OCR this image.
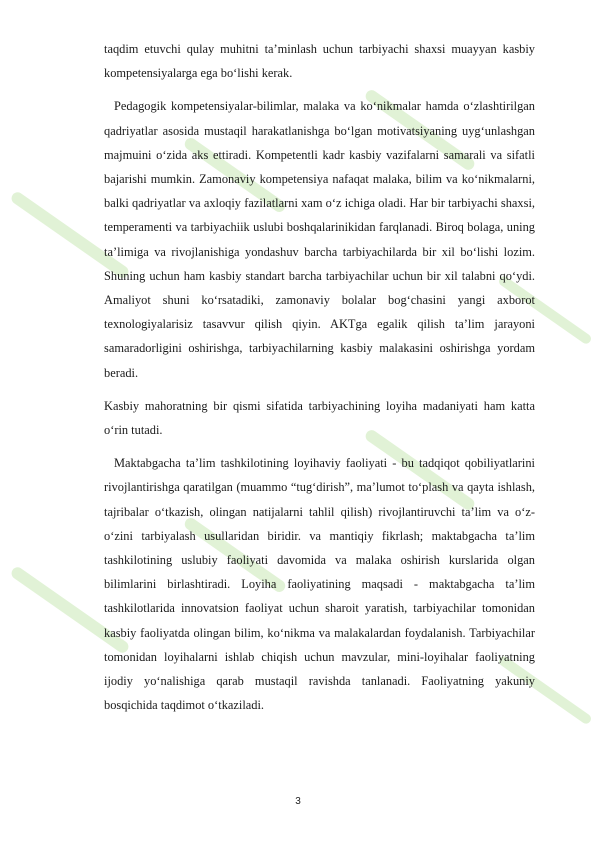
taqdim etuvchi qulay muhitni ta’minlash uchun tarbiyachi shaxsi muayyan kasbiy kompetensiyalarga ega bo‘lishi kerak.

Pedagogik kompetensiyalar-bilimlar, malaka va ko‘nikmalar hamda o‘zlashtirilgan qadriyatlar asosida mustaqil harakatlanishga bo‘lgan motivatsiyaning uyg‘unlashgan majmuini o‘zida aks ettiradi. Kompetentli kadr kasbiy vazifalarni samarali va sifatli bajarishi mumkin. Zamonaviy kompetensiya nafaqat malaka, bilim va ko‘nikmalarni, balki qadriyatlar va axloqiy fazilatlarni xam o‘z ichiga oladi. Har bir tarbiyachi shaxsi, temperamenti va tarbiyachiik uslubi boshqalarinikidan farqlanadi. Biroq bolaga, uning ta’limiga va rivojlanishiga yondashuv barcha tarbiyachilarda bir xil bo‘lishi lozim. Shuning uchun ham kasbiy standart barcha tarbiyachilar uchun bir xil talabni qo‘ydi. Amaliyot shuni ko‘rsatadiki, zamonaviy bolalar bog‘chasini yangi axborot texnologiyalarisiz tasavvur qilish qiyin. AKTga egalik qilish ta’lim jarayoni samaradorligini oshirishga, tarbiyachilarning kasbiy malakasini oshirishga yordam beradi.

Kasbiy mahoratning bir qismi sifatida tarbiyachining loyiha madaniyati ham katta o‘rin tutadi.

Maktabgacha ta’lim tashkilotining loyihaviy faoliyati - bu tadqiqot qobiliyatlarini rivojlantirishga qaratilgan (muammo “tug‘dirish”, ma’lumot to‘plash va qayta ishlash, tajribalar o‘tkazish, olingan natijalarni tahlil qilish) rivojlantiruvchi ta’lim va o‘z-o‘zini tarbiyalash usullaridan biridir. va mantiqiy fikrlash; maktabgacha ta’lim tashkilotining uslubiy faoliyati davomida va malaka oshirish kurslarida olgan bilimlarini birlashtiradi. Loyiha faoliyatining maqsadi - maktabgacha ta’lim tashkilotlarida innovatsion faoliyat uchun sharoit yaratish, tarbiyachilar tomonidan kasbiy faoliyatda olingan bilim, ko‘nikma va malakalardan foydalanish. Tarbiyachilar tomonidan loyihalarni ishlab chiqish uchun mavzular, mini-loyihalar faoliyatning ijodiy yo‘nalishiga qarab mustaqil ravishda tanlanadi. Faoliyatning yakuniy bosqichida taqdimot o‘tkaziladi.

3
